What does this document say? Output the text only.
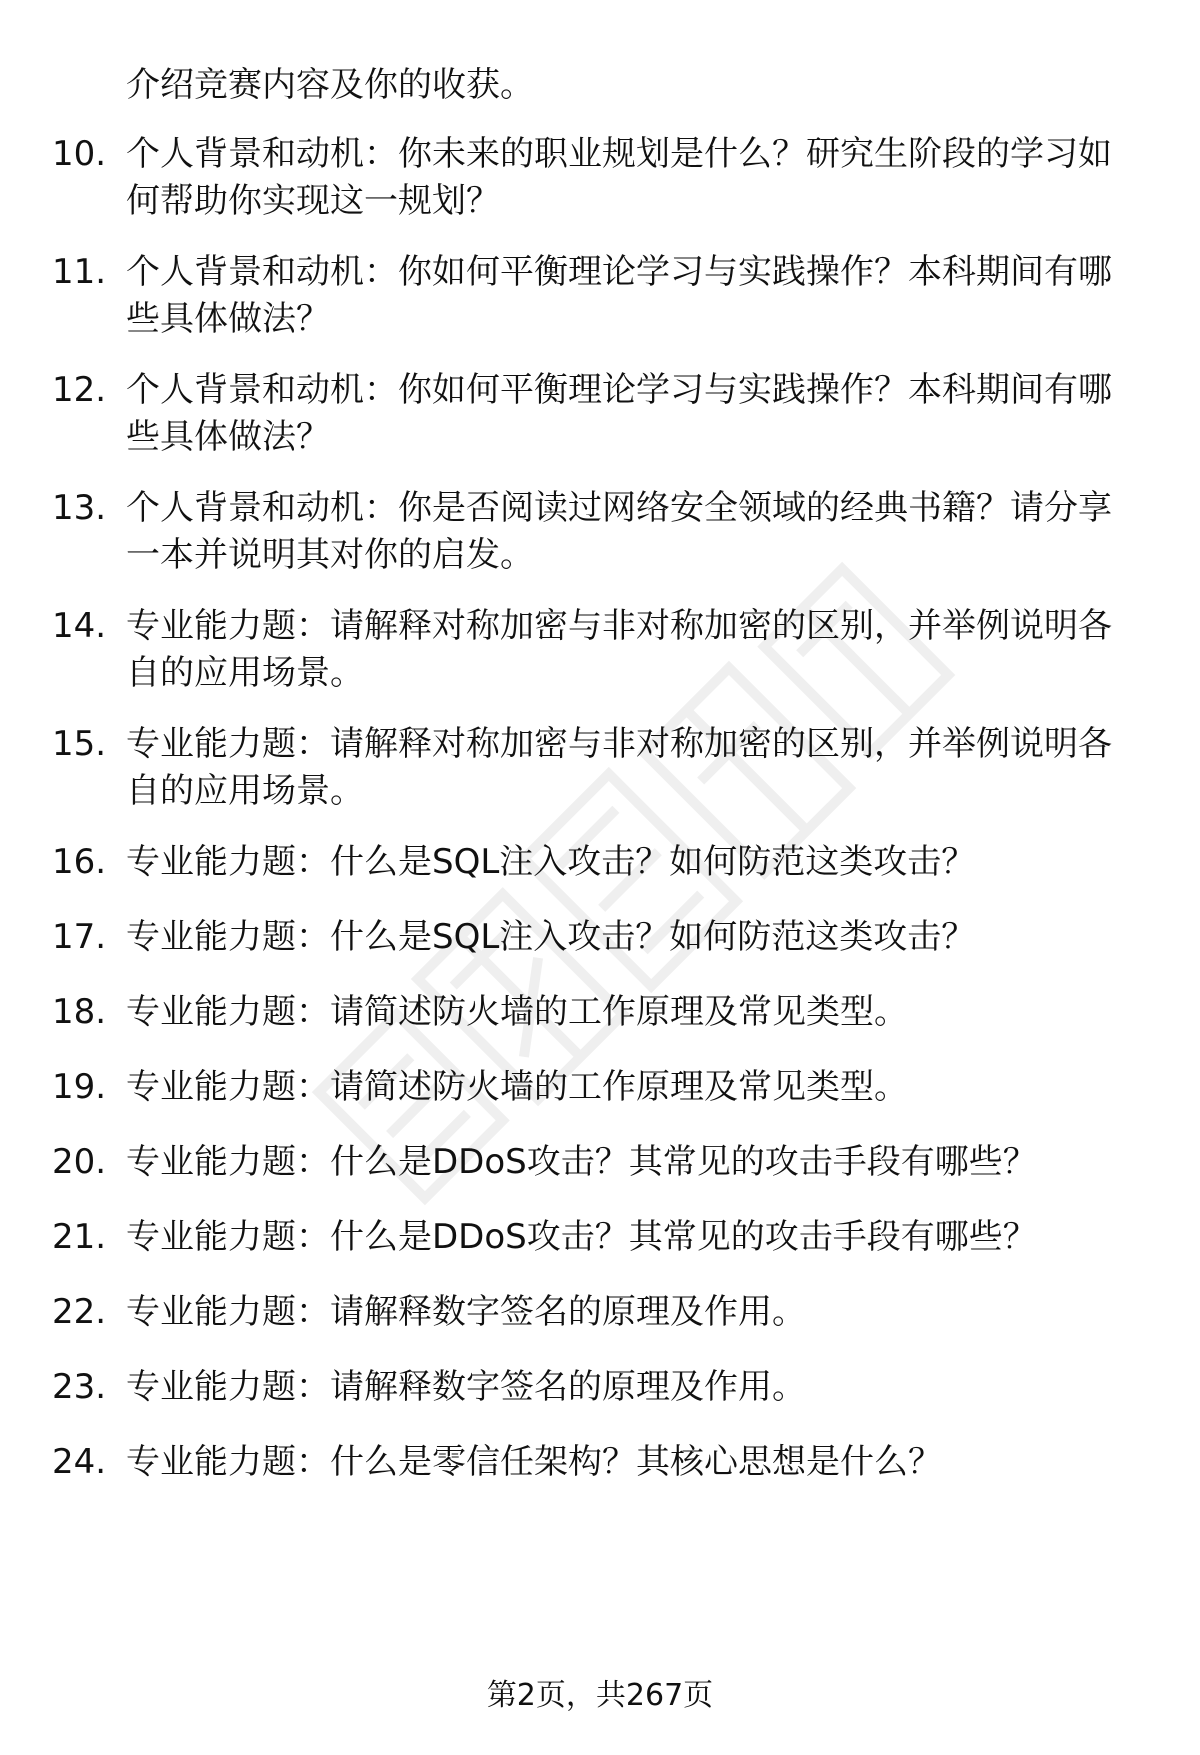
介绍竞赛内容及你的收获。
10. 个人背景和动机：你未来的职业规划是什么？研究生阶段的学习如何帮助你实现这一规划？
11. 个人背景和动机：你如何平衡理论学习与实践操作？本科期间有哪些具体做法？
12. 个人背景和动机：你如何平衡理论学习与实践操作？本科期间有哪些具体做法？
13. 个人背景和动机：你是否阅读过网络安全领域的经典书籍？请分享一本并说明其对你的启发。
14. 专业能力题：请解释对称加密与非对称加密的区别，并举例说明各自的应用场景。
15. 专业能力题：请解释对称加密与非对称加密的区别，并举例说明各自的应用场景。
16. 专业能力题：什么是SQL注入攻击？如何防范这类攻击？
17. 专业能力题：什么是SQL注入攻击？如何防范这类攻击？
18. 专业能力题：请简述防火墙的工作原理及常见类型。
19. 专业能力题：请简述防火墙的工作原理及常见类型。
20. 专业能力题：什么是DDoS攻击？其常见的攻击手段有哪些？
21. 专业能力题：什么是DDoS攻击？其常见的攻击手段有哪些？
22. 专业能力题：请解释数字签名的原理及作用。
23. 专业能力题：请解释数字签名的原理及作用。
24. 专业能力题：什么是零信任架构？其核心思想是什么？
第2页，共267页
